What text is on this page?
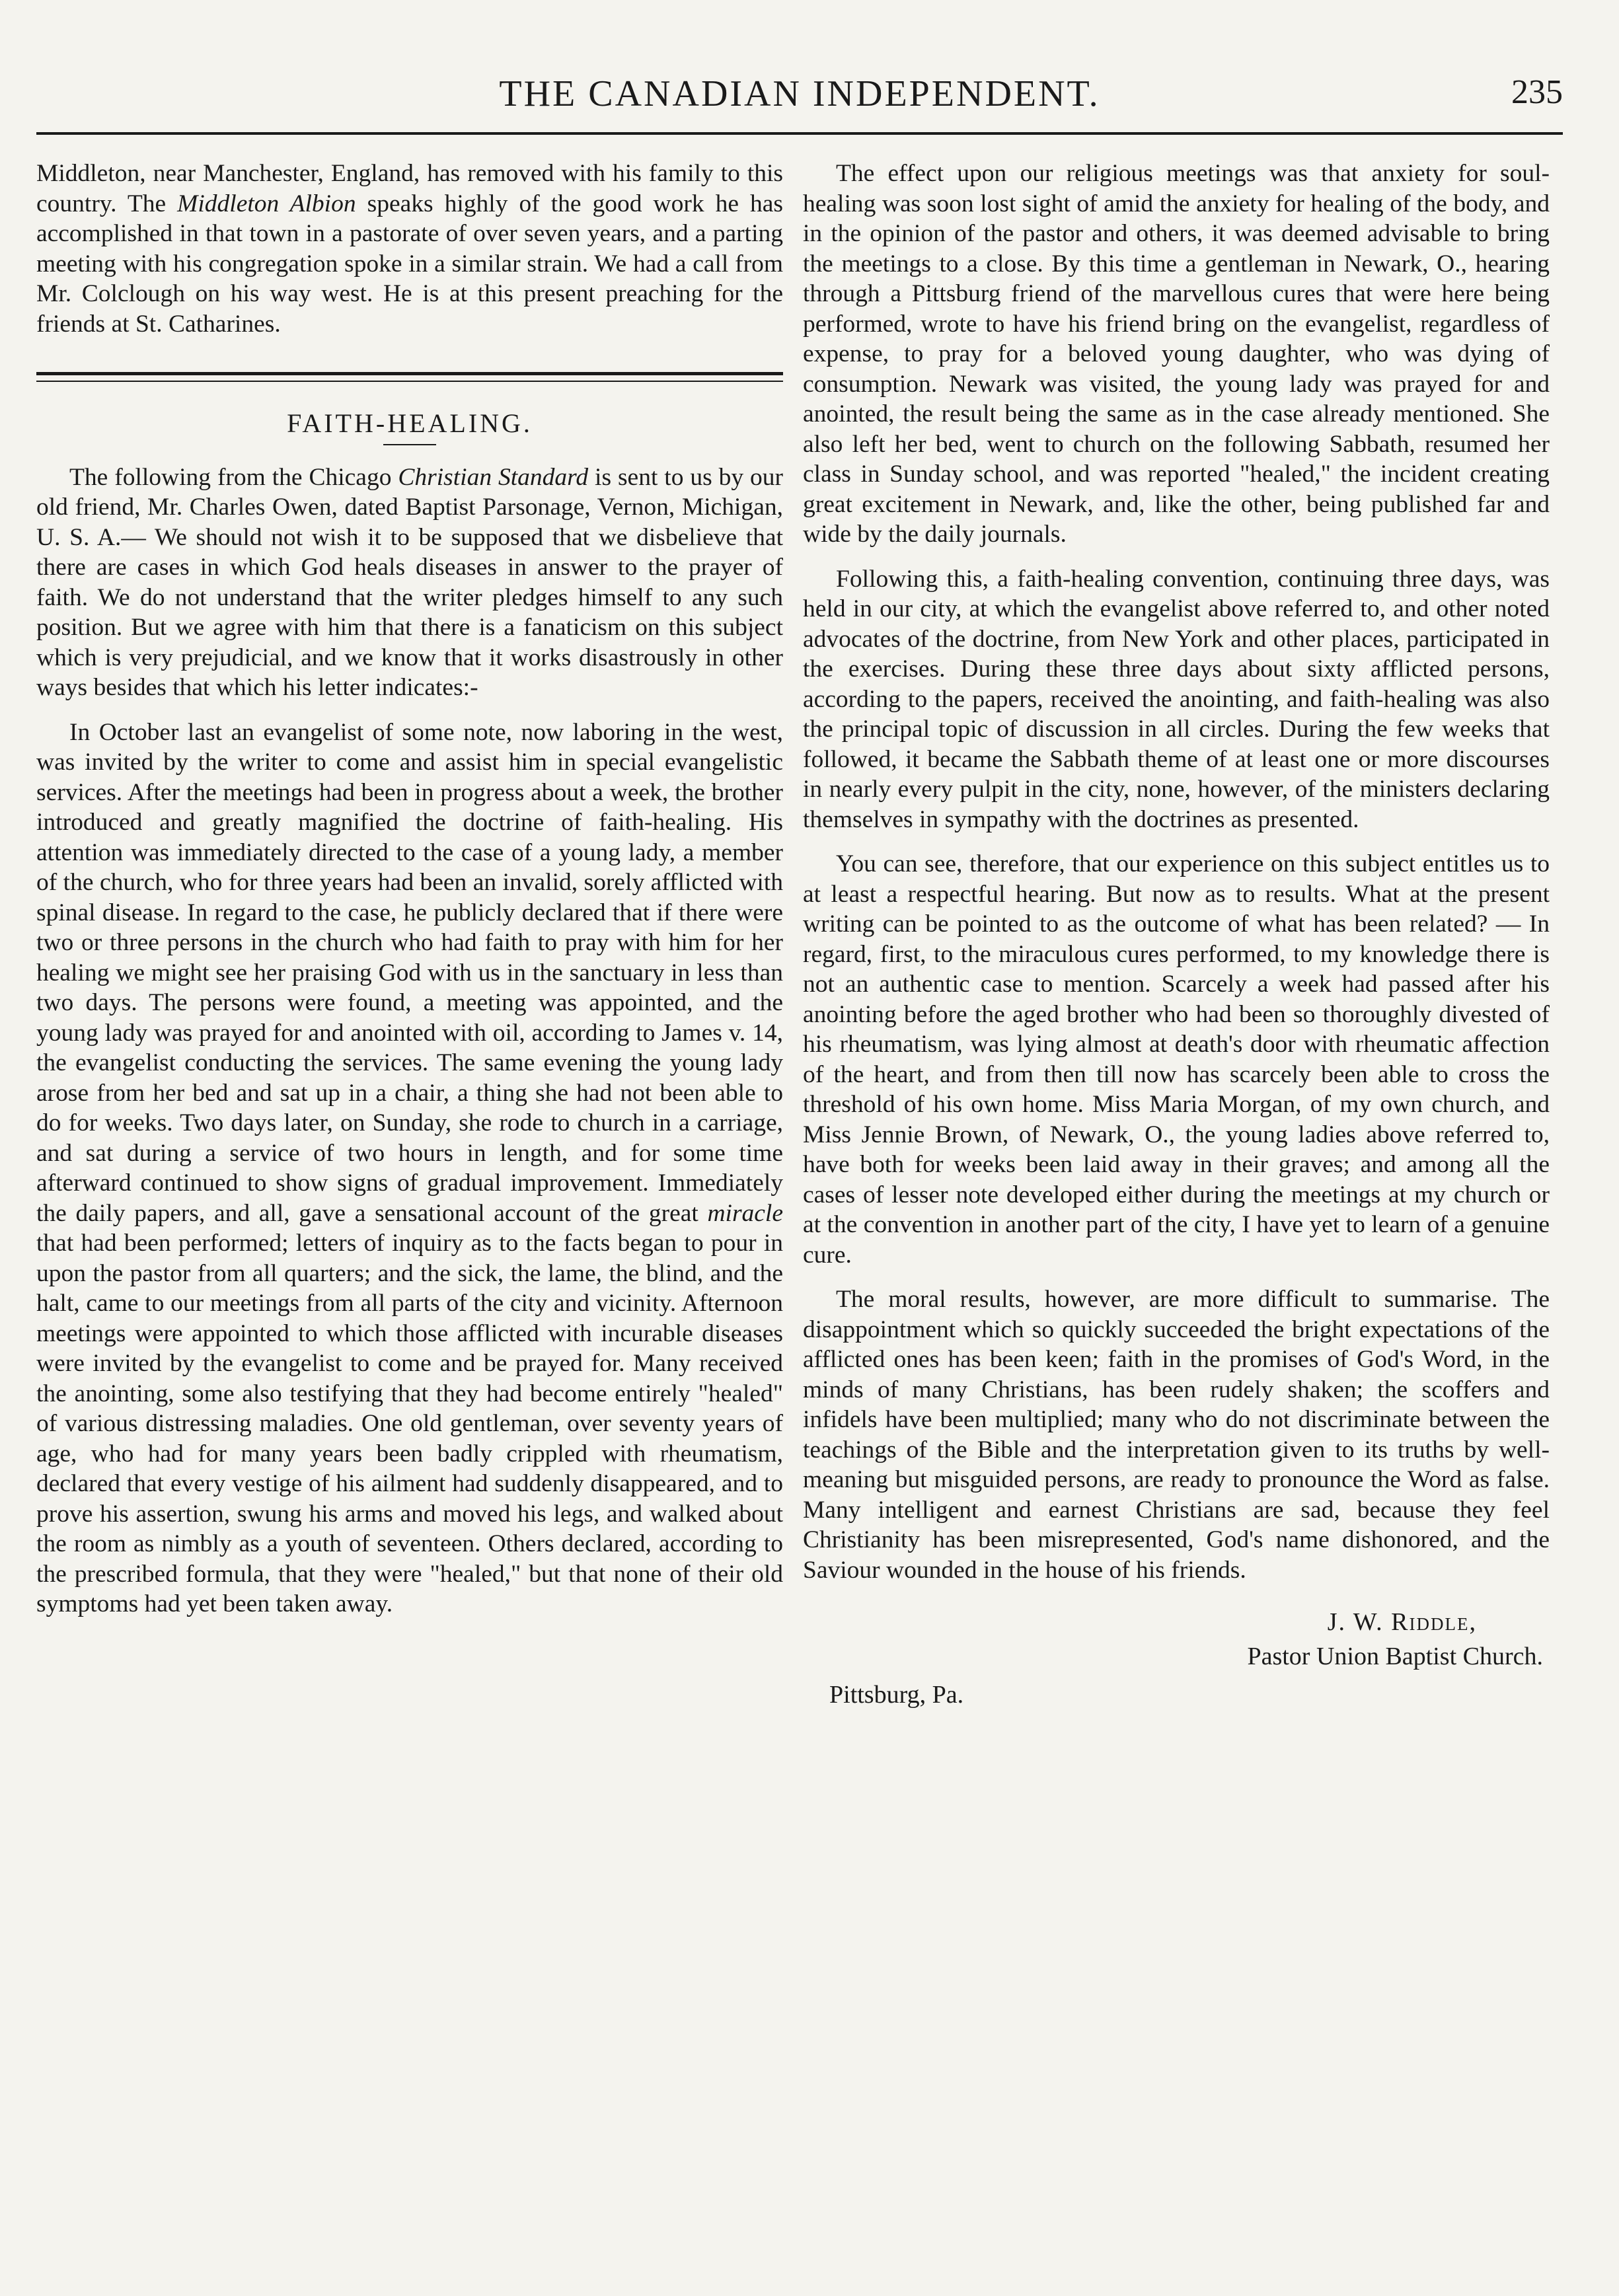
THE CANADIAN INDEPENDENT.	235

Middleton, near Manchester, England, has removed with his family to this country. The Middleton Albion speaks highly of the good work he has accomplished in that town in a pastorate of over seven years, and a parting meeting with his congregation spoke in a similar strain. We had a call from Mr. Colclough on his way west. He is at this present preaching for the friends at St. Catharines.

FAITH-HEALING.

The following from the Chicago Christian Standard is sent to us by our old friend, Mr. Charles Owen, dated Baptist Parsonage, Vernon, Michigan, U. S. A.— We should not wish it to be supposed that we disbelieve that there are cases in which God heals diseases in answer to the prayer of faith. We do not understand that the writer pledges himself to any such position. But we agree with him that there is a fanaticism on this subject which is very prejudicial, and we know that it works disastrously in other ways besides that which his letter indicates:-

In October last an evangelist of some note, now laboring in the west, was invited by the writer to come and assist him in special evangelistic services. After the meetings had been in progress about a week, the brother introduced and greatly magnified the doctrine of faith-healing. His attention was immediately directed to the case of a young lady, a member of the church, who for three years had been an invalid, sorely afflicted with spinal disease. In regard to the case, he publicly declared that if there were two or three persons in the church who had faith to pray with him for her healing we might see her praising God with us in the sanctuary in less than two days. The persons were found, a meeting was appointed, and the young lady was prayed for and anointed with oil, according to James v. 14, the evangelist conducting the services. The same evening the young lady arose from her bed and sat up in a chair, a thing she had not been able to do for weeks. Two days later, on Sunday, she rode to church in a carriage, and sat during a service of two hours in length, and for some time afterward continued to show signs of gradual improvement. Immediately the daily papers, and all, gave a sensational account of the great miracle that had been performed; letters of inquiry as to the facts began to pour in upon the pastor from all quarters; and the sick, the lame, the blind, and the halt, came to our meetings from all parts of the city and vicinity. Afternoon meetings were appointed to which those afflicted with incurable diseases were invited by the evangelist to come and be prayed for. Many received the anointing, some also testifying that they had become entirely "healed" of various distressing maladies. One old gentleman, over seventy years of age, who had for many years been badly crippled with rheumatism, declared that every vestige of his ailment had suddenly disappeared, and to prove his assertion, swung his arms and moved his legs, and walked about the room as nimbly as a youth of seventeen. Others declared, according to the prescribed formula, that they were "healed," but that none of their old symptoms had yet been taken away.

The effect upon our religious meetings was that anxiety for soul-healing was soon lost sight of amid the anxiety for healing of the body, and in the opinion of the pastor and others, it was deemed advisable to bring the meetings to a close. By this time a gentleman in Newark, O., hearing through a Pittsburg friend of the marvellous cures that were here being performed, wrote to have his friend bring on the evangelist, regardless of expense, to pray for a beloved young daughter, who was dying of consumption. Newark was visited, the young lady was prayed for and anointed, the result being the same as in the case already mentioned. She also left her bed, went to church on the following Sabbath, resumed her class in Sunday school, and was reported "healed," the incident creating great excitement in Newark, and, like the other, being published far and wide by the daily journals.

Following this, a faith-healing convention, continuing three days, was held in our city, at which the evangelist above referred to, and other noted advocates of the doctrine, from New York and other places, participated in the exercises. During these three days about sixty afflicted persons, according to the papers, received the anointing, and faith-healing was also the principal topic of discussion in all circles. During the few weeks that followed, it became the Sabbath theme of at least one or more discourses in nearly every pulpit in the city, none, however, of the ministers declaring themselves in sympathy with the doctrines as presented.

You can see, therefore, that our experience on this subject entitles us to at least a respectful hearing. But now as to results. What at the present writing can be pointed to as the outcome of what has been related? — In regard, first, to the miraculous cures performed, to my knowledge there is not an authentic case to mention. Scarcely a week had passed after his anointing before the aged brother who had been so thoroughly divested of his rheumatism, was lying almost at death's door with rheumatic affection of the heart, and from then till now has scarcely been able to cross the threshold of his own home. Miss Maria Morgan, of my own church, and Miss Jennie Brown, of Newark, O., the young ladies above referred to, have both for weeks been laid away in their graves; and among all the cases of lesser note developed either during the meetings at my church or at the convention in another part of the city, I have yet to learn of a genuine cure.

The moral results, however, are more difficult to summarise. The disappointment which so quickly succeeded the bright expectations of the afflicted ones has been keen; faith in the promises of God's Word, in the minds of many Christians, has been rudely shaken; the scoffers and infidels have been multiplied; many who do not discriminate between the teachings of the Bible and the interpretation given to its truths by well-meaning but misguided persons, are ready to pronounce the Word as false. Many intelligent and earnest Christians are sad, because they feel Christianity has been misrepresented, God's name dishonored, and the Saviour wounded in the house of his friends.

J. W. Riddle,
Pastor Union Baptist Church.
Pittsburg, Pa.
